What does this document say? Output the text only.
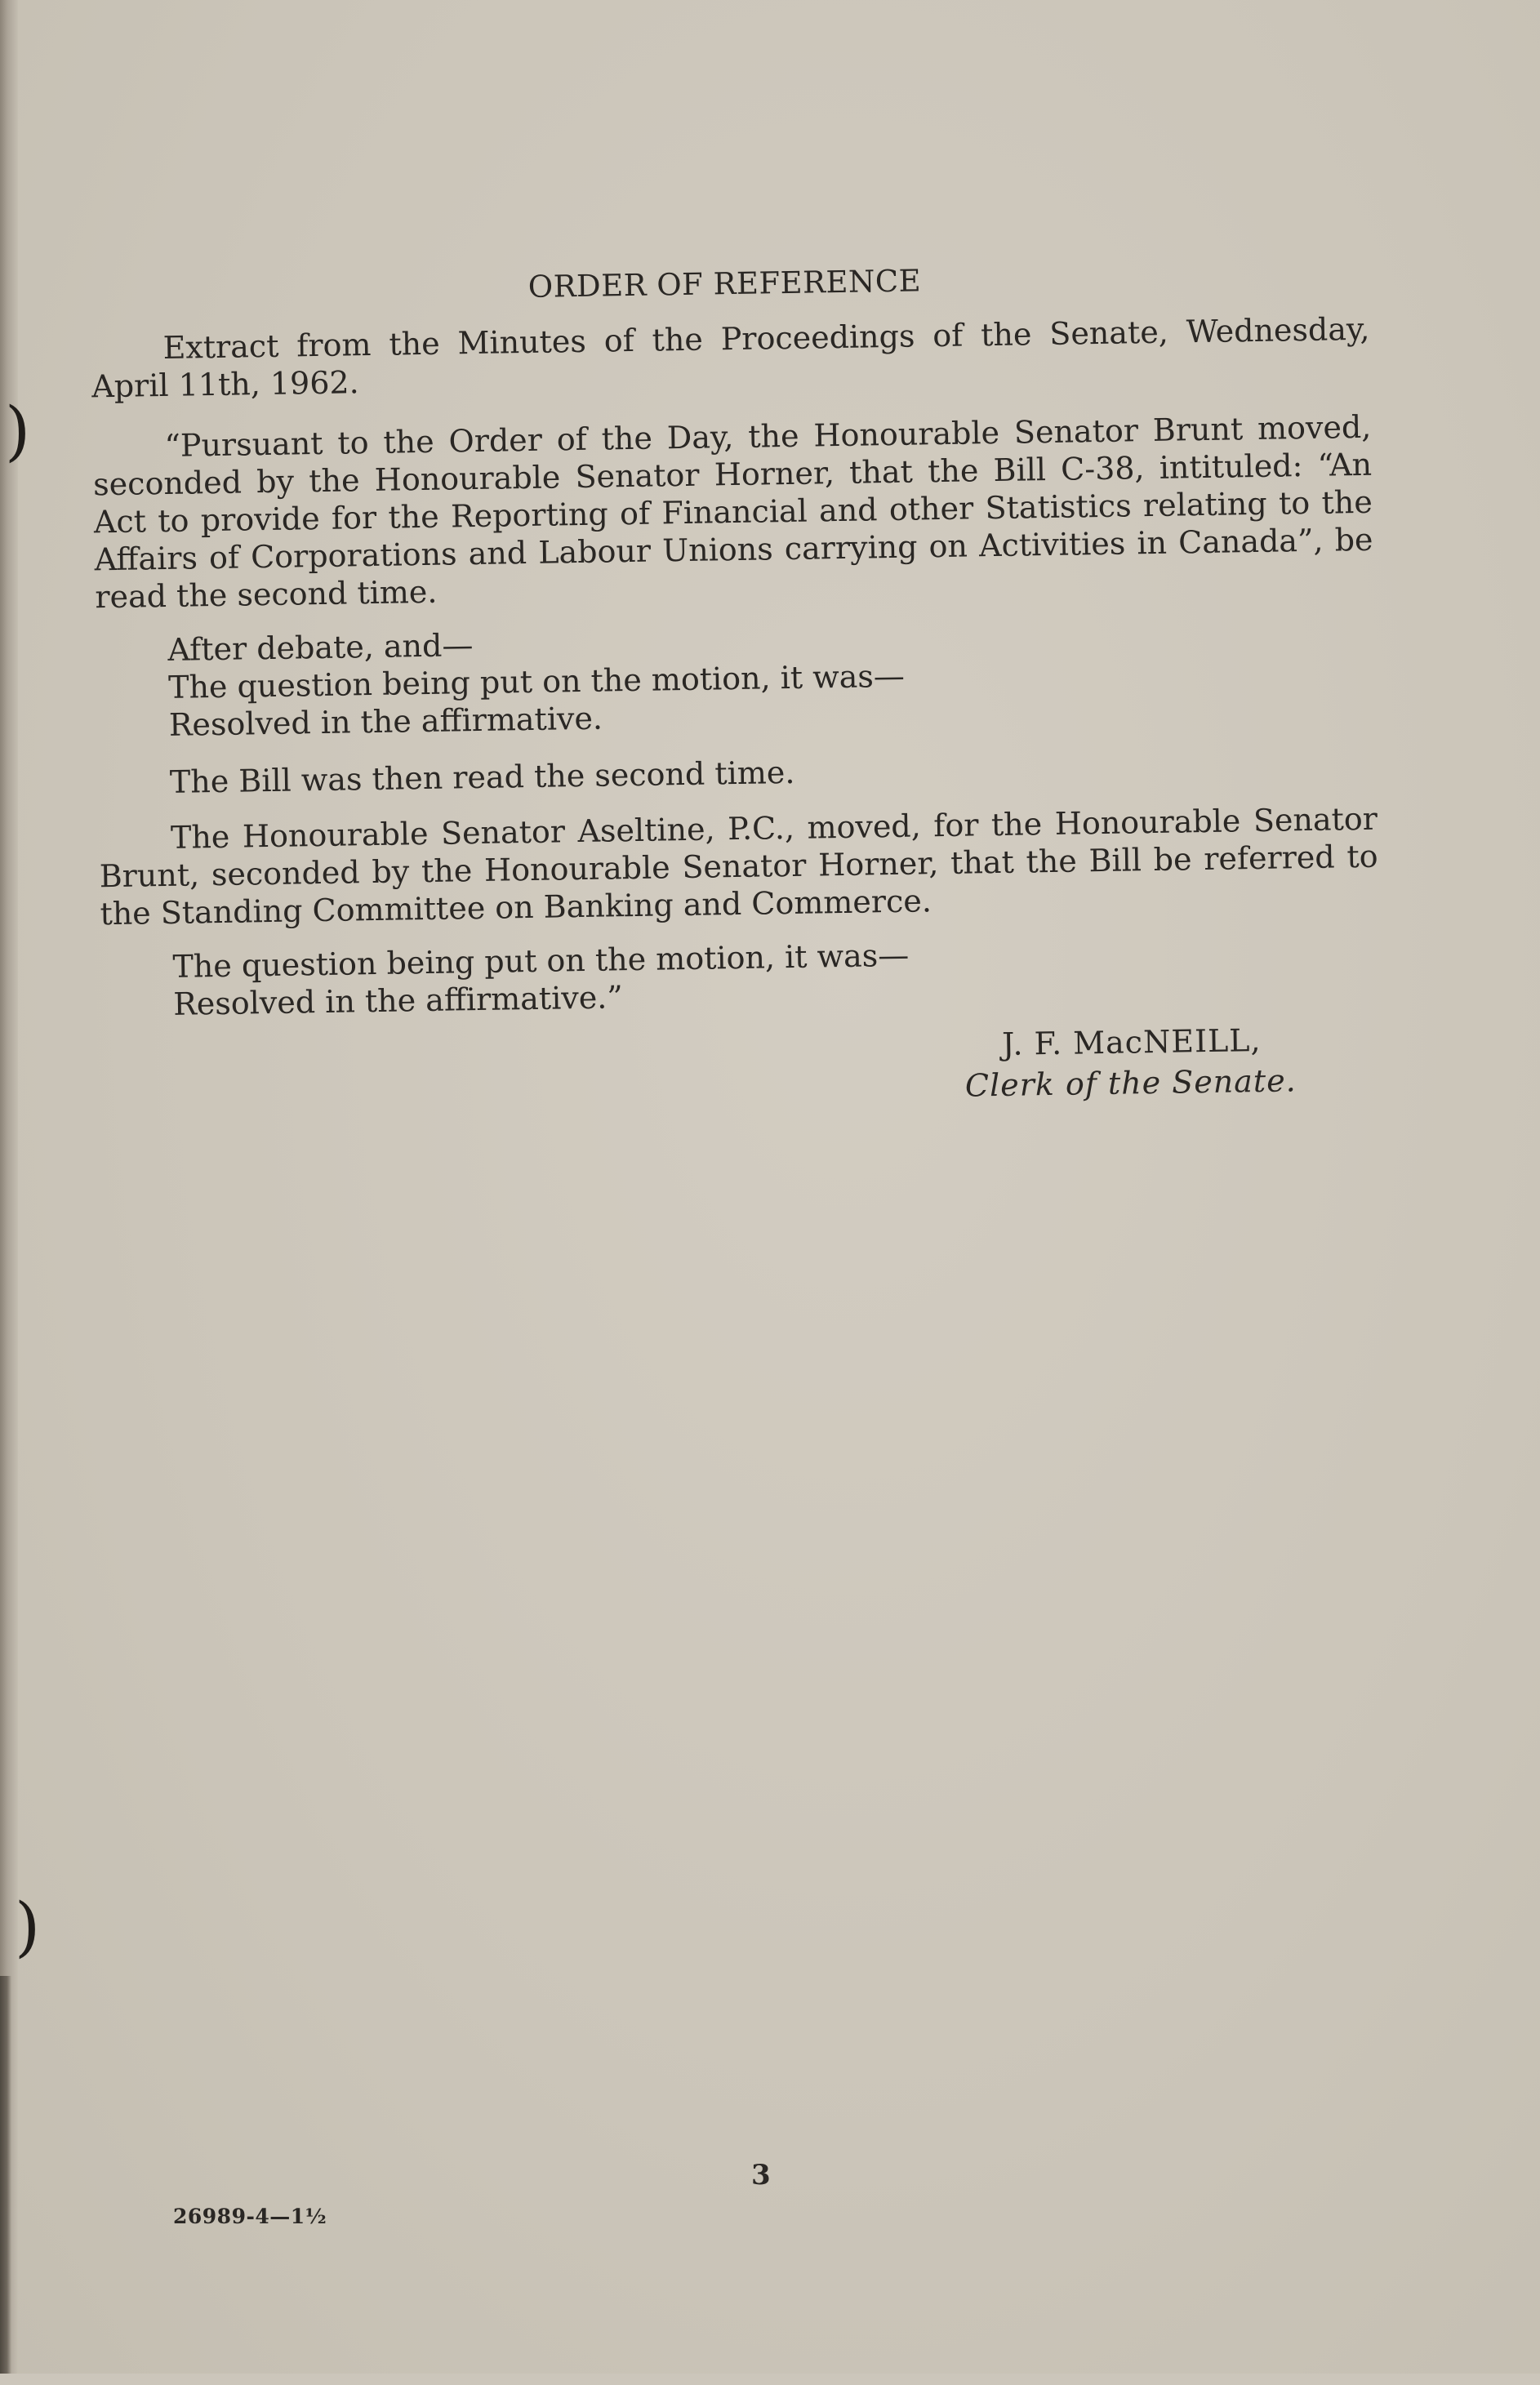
)
)
ORDER OF REFERENCE

Extract from the Minutes of the Proceedings of the Senate, Wednesday, April 11th, 1962.

“Pursuant to the Order of the Day, the Honourable Senator Brunt moved, seconded by the Honourable Senator Horner, that the Bill C-38, intituled: “An Act to provide for the Reporting of Financial and other Statistics relating to the Affairs of Corporations and Labour Unions carrying on Activities in Canada”, be read the second time.

After debate, and—
The question being put on the motion, it was—
Resolved in the affirmative.
The Bill was then read the second time.

The Honourable Senator Aseltine, P.C., moved, for the Honourable Senator Brunt, seconded by the Honourable Senator Horner, that the Bill be referred to the Standing Committee on Banking and Commerce.

The question being put on the motion, it was—
Resolved in the affirmative.”
J. F. MacNEILL,
Clerk of the Senate.
3
26989-4—1½
